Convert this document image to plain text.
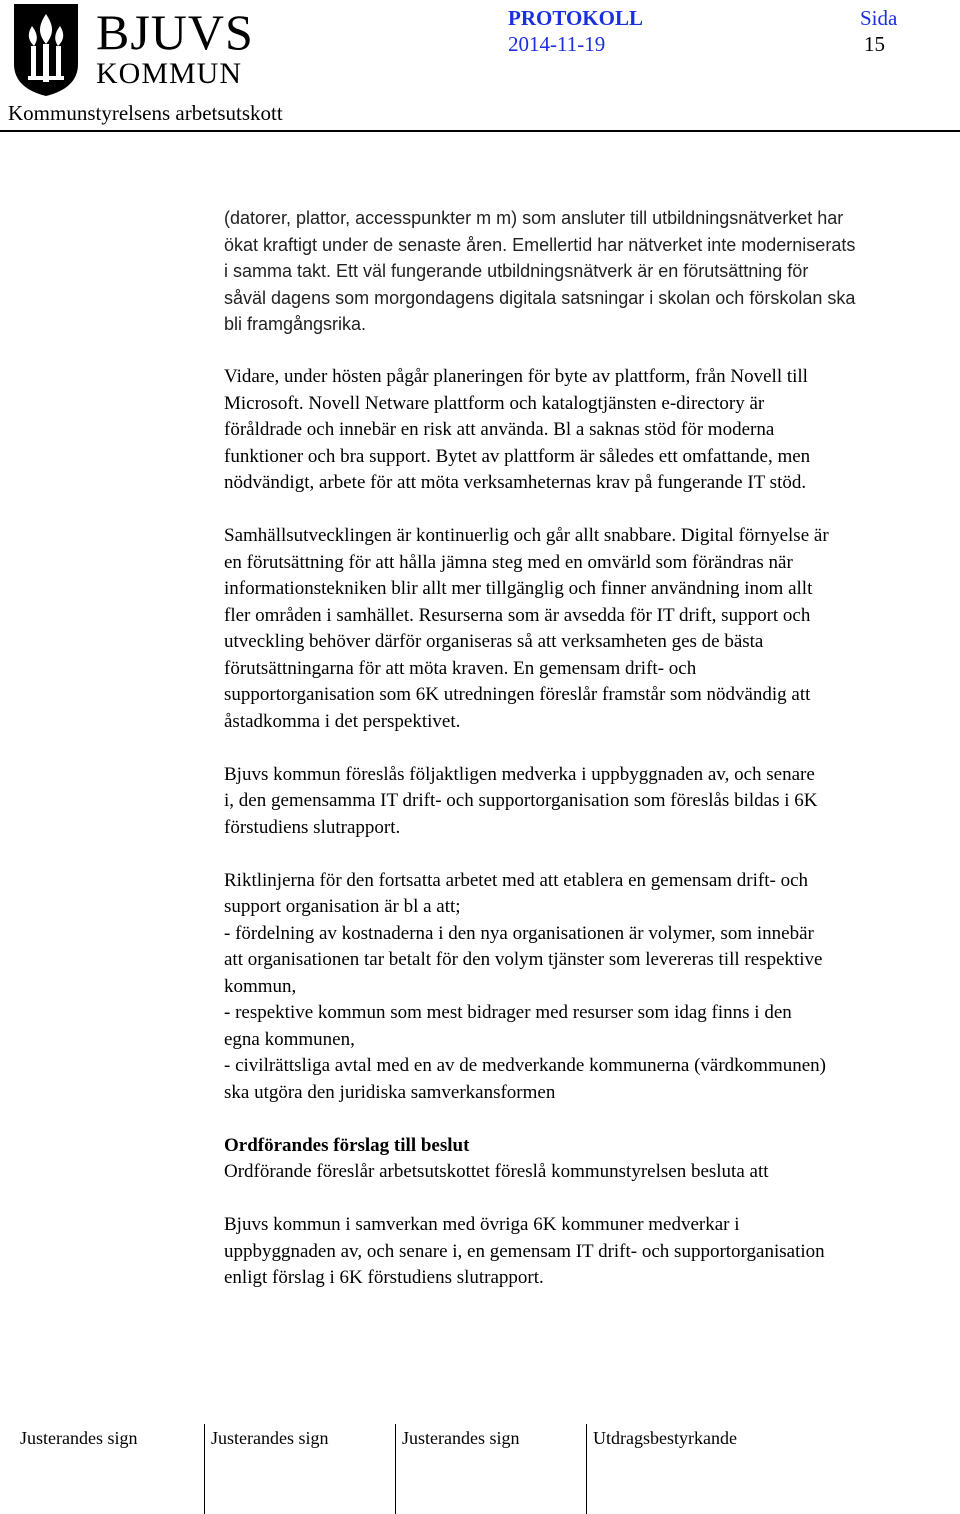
BJUVS
KOMMUN
PROTOKOLL
2014-11-19
Sida
15
Kommunstyrelsens arbetsutskott

(datorer, plattor, accesspunkter m m) som ansluter till utbildningsnätverket har
ökat kraftigt under de senaste åren. Emellertid har nätverket inte moderniserats
i samma takt. Ett väl fungerande utbildningsnätverk är en förutsättning för
såväl dagens som morgondagens digitala satsningar i skolan och förskolan ska
bli framgångsrika.

Vidare, under hösten pågår planeringen för byte av plattform, från Novell till
Microsoft. Novell Netware plattform och katalogtjänsten e-directory är
föråldrade och innebär en risk att använda. Bl a saknas stöd för moderna
funktioner och bra support. Bytet av plattform är således ett omfattande, men
nödvändigt, arbete för att möta verksamheternas krav på fungerande IT stöd.

Samhällsutvecklingen är kontinuerlig och går allt snabbare. Digital förnyelse är
en förutsättning för att hålla jämna steg med en omvärld som förändras när
informationstekniken blir allt mer tillgänglig och finner användning inom allt
fler områden i samhället. Resurserna som är avsedda för IT drift, support och
utveckling behöver därför organiseras så att verksamheten ges de bästa
förutsättningarna för att möta kraven. En gemensam drift- och
supportorganisation som 6K utredningen föreslår framstår som nödvändig att
åstadkomma i det perspektivet.

Bjuvs kommun föreslås följaktligen medverka i uppbyggnaden av, och senare
i, den gemensamma IT drift- och supportorganisation som föreslås bildas i 6K
förstudiens slutrapport.

Riktlinjerna för den fortsatta arbetet med att etablera en gemensam drift- och
support organisation är bl a att;
- fördelning av kostnaderna i den nya organisationen är volymer, som innebär
att organisationen tar betalt för den volym tjänster som levereras till respektive
kommun,
- respektive kommun som mest bidrager med resurser som idag finns i den
egna kommunen,
- civilrättsliga avtal med en av de medverkande kommunerna (värdkommunen)
ska utgöra den juridiska samverkansformen

Ordförandes förslag till beslut
Ordförande föreslår arbetsutskottet föreslå kommunstyrelsen besluta att

Bjuvs kommun i samverkan med övriga 6K kommuner medverkar i
uppbyggnaden av, och senare i, en gemensam IT drift- och supportorganisation
enligt förslag i 6K förstudiens slutrapport.

Justerandes sign	Justerandes sign	Justerandes sign	Utdragsbestyrkande
